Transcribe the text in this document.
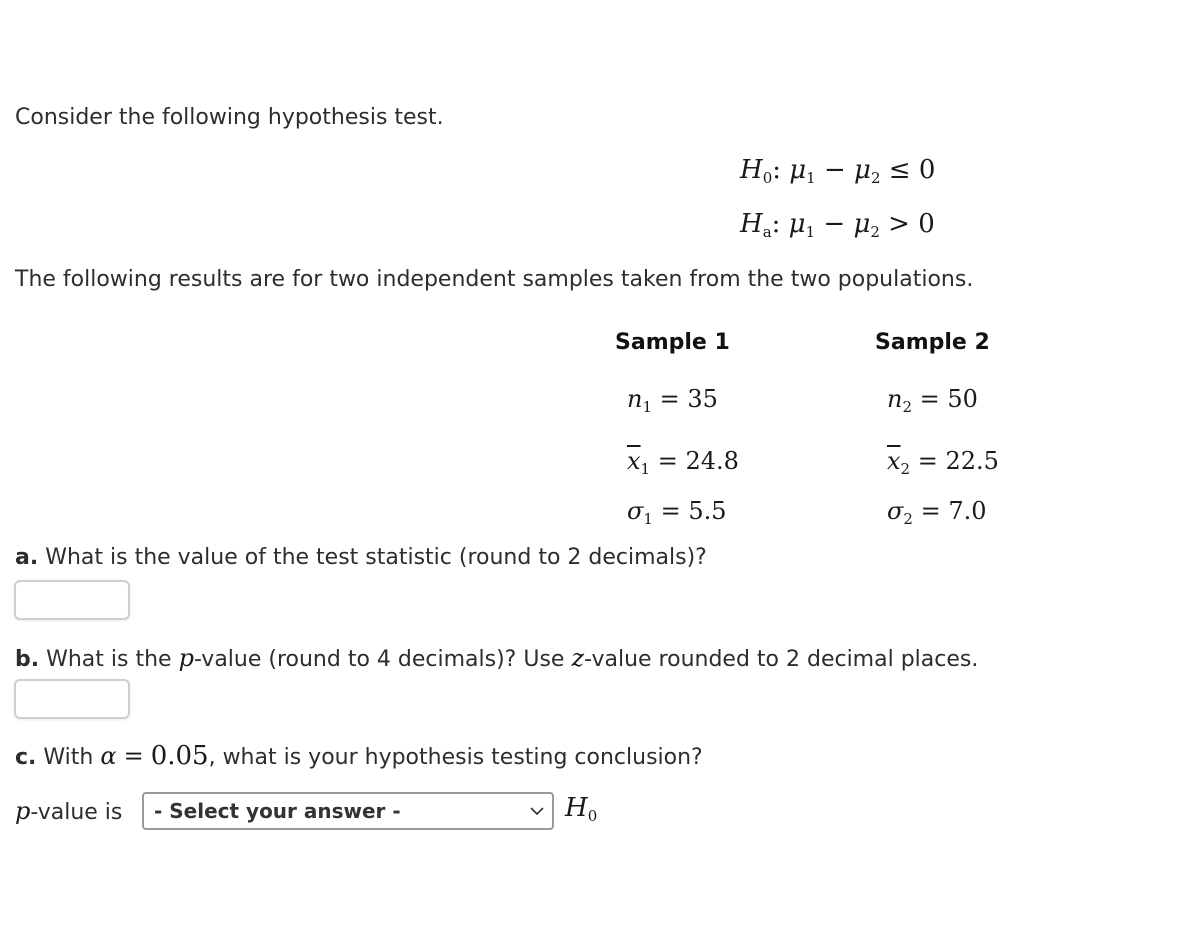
Consider the following hypothesis test.
H0: μ1 − μ2 ≤ 0
Ha: μ1 − μ2 > 0
The following results are for two independent samples taken from the two populations.
Sample 1	Sample 2
$n_1 = 35$	$n_2 = 50$
$\overline{x}_1 = 24.8$	$\overline{x}_2 = 22.5$
$\sigma_1 = 5.5$	$\sigma_2 = 7.0$
a. What is the value of the test statistic (round to 2 decimals)?
b. What is the p-value (round to 4 decimals)? Use z-value rounded to 2 decimal places.
c. With α = 0.05, what is your hypothesis testing conclusion?
p-value is - Select your answer -	H0
